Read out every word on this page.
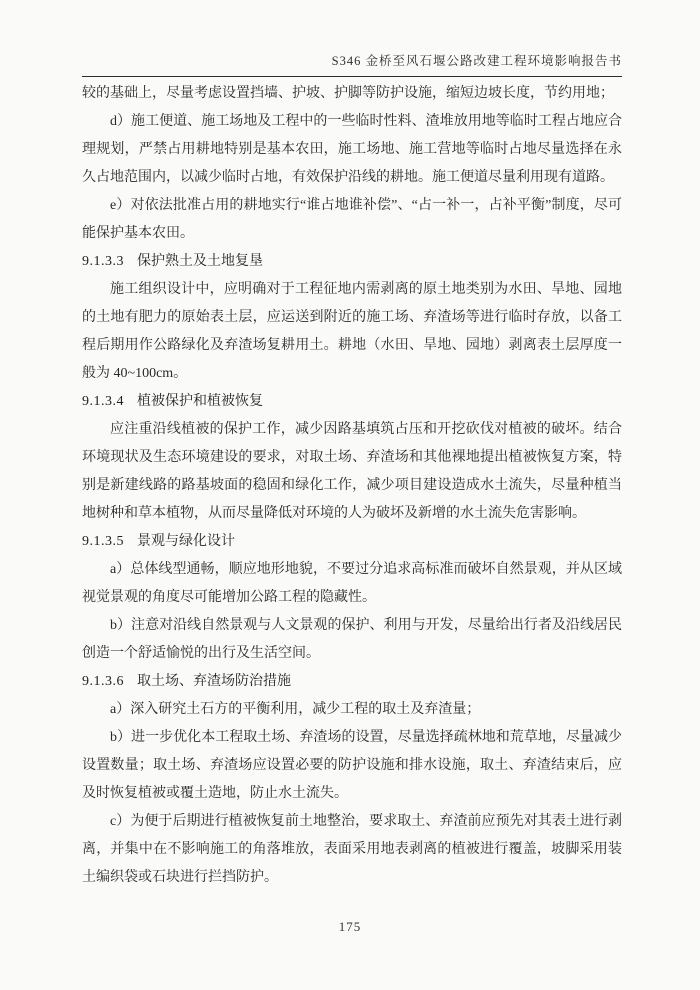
S346 金桥至风石堰公路改建工程环境影响报告书

较的基础上，尽量考虑设置挡墙、护坡、护脚等防护设施，缩短边坡长度，节约用地；

d）施工便道、施工场地及工程中的一些临时性料、渣堆放用地等临时工程占地应合理规划，严禁占用耕地特别是基本农田，施工场地、施工营地等临时占地尽量选择在永久占地范围内，以减少临时占地，有效保护沿线的耕地。施工便道尽量利用现有道路。

e）对依法批准占用的耕地实行“谁占地谁补偿”、“占一补一，占补平衡”制度，尽可能保护基本农田。

9.1.3.3 保护熟土及土地复垦

施工组织设计中，应明确对于工程征地内需剥离的原土地类别为水田、旱地、园地的土地有肥力的原始表土层，应运送到附近的施工场、弃渣场等进行临时存放，以备工程后期用作公路绿化及弃渣场复耕用土。耕地（水田、旱地、园地）剥离表土层厚度一般为 40~100cm。

9.1.3.4 植被保护和植被恢复

应注重沿线植被的保护工作，减少因路基填筑占压和开挖砍伐对植被的破坏。结合环境现状及生态环境建设的要求，对取土场、弃渣场和其他裸地提出植被恢复方案，特别是新建线路的路基坡面的稳固和绿化工作，减少项目建设造成水土流失，尽量种植当地树种和草本植物，从而尽量降低对环境的人为破坏及新增的水土流失危害影响。

9.1.3.5 景观与绿化设计

a）总体线型通畅，顺应地形地貌，不要过分追求高标准而破坏自然景观，并从区域视觉景观的角度尽可能增加公路工程的隐藏性。

b）注意对沿线自然景观与人文景观的保护、利用与开发，尽量给出行者及沿线居民创造一个舒适愉悦的出行及生活空间。

9.1.3.6 取土场、弃渣场防治措施

a）深入研究土石方的平衡利用，减少工程的取土及弃渣量；

b）进一步优化本工程取土场、弃渣场的设置，尽量选择疏林地和荒草地，尽量减少设置数量；取土场、弃渣场应设置必要的防护设施和排水设施，取土、弃渣结束后，应及时恢复植被或覆土造地，防止水土流失。

c）为便于后期进行植被恢复前土地整治，要求取土、弃渣前应预先对其表土进行剥离，并集中在不影响施工的角落堆放，表面采用地表剥离的植被进行覆盖，坡脚采用装土编织袋或石块进行拦挡防护。

175
